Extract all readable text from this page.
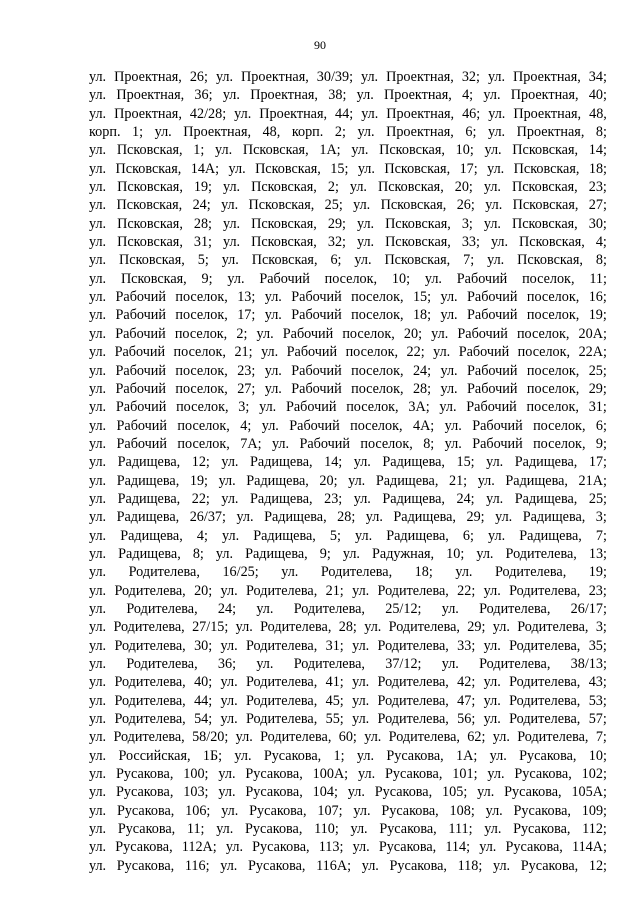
90
ул. Проектная, 26; ул. Проектная, 30/39; ул. Проектная, 32; ул. Проектная, 34;
ул. Проектная, 36; ул. Проектная, 38; ул. Проектная, 4; ул. Проектная, 40;
ул. Проектная, 42/28; ул. Проектная, 44; ул. Проектная, 46; ул. Проектная, 48,
корп. 1; ул. Проектная, 48, корп. 2; ул. Проектная, 6; ул. Проектная, 8;
ул. Псковская, 1; ул. Псковская, 1А; ул. Псковская, 10; ул. Псковская, 14;
ул. Псковская, 14А; ул. Псковская, 15; ул. Псковская, 17; ул. Псковская, 18;
ул. Псковская, 19; ул. Псковская, 2; ул. Псковская, 20; ул. Псковская, 23;
ул. Псковская, 24; ул. Псковская, 25; ул. Псковская, 26; ул. Псковская, 27;
ул. Псковская, 28; ул. Псковская, 29; ул. Псковская, 3; ул. Псковская, 30;
ул. Псковская, 31; ул. Псковская, 32; ул. Псковская, 33; ул. Псковская, 4;
ул. Псковская, 5; ул. Псковская, 6; ул. Псковская, 7; ул. Псковская, 8;
ул. Псковская, 9; ул. Рабочий поселок, 10; ул. Рабочий поселок, 11;
ул. Рабочий поселок, 13; ул. Рабочий поселок, 15; ул. Рабочий поселок, 16;
ул. Рабочий поселок, 17; ул. Рабочий поселок, 18; ул. Рабочий поселок, 19;
ул. Рабочий поселок, 2; ул. Рабочий поселок, 20; ул. Рабочий поселок, 20А;
ул. Рабочий поселок, 21; ул. Рабочий поселок, 22; ул. Рабочий поселок, 22А;
ул. Рабочий поселок, 23; ул. Рабочий поселок, 24; ул. Рабочий поселок, 25;
ул. Рабочий поселок, 27; ул. Рабочий поселок, 28; ул. Рабочий поселок, 29;
ул. Рабочий поселок, 3; ул. Рабочий поселок, 3А; ул. Рабочий поселок, 31;
ул. Рабочий поселок, 4; ул. Рабочий поселок, 4А; ул. Рабочий поселок, 6;
ул. Рабочий поселок, 7А; ул. Рабочий поселок, 8; ул. Рабочий поселок, 9;
ул. Радищева, 12; ул. Радищева, 14; ул. Радищева, 15; ул. Радищева, 17;
ул. Радищева, 19; ул. Радищева, 20; ул. Радищева, 21; ул. Радищева, 21А;
ул. Радищева, 22; ул. Радищева, 23; ул. Радищева, 24; ул. Радищева, 25;
ул. Радищева, 26/37; ул. Радищева, 28; ул. Радищева, 29; ул. Радищева, 3;
ул. Радищева, 4; ул. Радищева, 5; ул. Радищева, 6; ул. Радищева, 7;
ул. Радищева, 8; ул. Радищева, 9; ул. Радужная, 10; ул. Родителева, 13;
ул. Родителева, 16/25; ул. Родителева, 18; ул. Родителева, 19;
ул. Родителева, 20; ул. Родителева, 21; ул. Родителева, 22; ул. Родителева, 23;
ул. Родителева, 24; ул. Родителева, 25/12; ул. Родителева, 26/17;
ул. Родителева, 27/15; ул. Родителева, 28; ул. Родителева, 29; ул. Родителева, 3;
ул. Родителева, 30; ул. Родителева, 31; ул. Родителева, 33; ул. Родителева, 35;
ул. Родителева, 36; ул. Родителева, 37/12; ул. Родителева, 38/13;
ул. Родителева, 40; ул. Родителева, 41; ул. Родителева, 42; ул. Родителева, 43;
ул. Родителева, 44; ул. Родителева, 45; ул. Родителева, 47; ул. Родителева, 53;
ул. Родителева, 54; ул. Родителева, 55; ул. Родителева, 56; ул. Родителева, 57;
ул. Родителева, 58/20; ул. Родителева, 60; ул. Родителева, 62; ул. Родителева, 7;
ул. Российская, 1Б; ул. Русакова, 1; ул. Русакова, 1А; ул. Русакова, 10;
ул. Русакова, 100; ул. Русакова, 100А; ул. Русакова, 101; ул. Русакова, 102;
ул. Русакова, 103; ул. Русакова, 104; ул. Русакова, 105; ул. Русакова, 105А;
ул. Русакова, 106; ул. Русакова, 107; ул. Русакова, 108; ул. Русакова, 109;
ул. Русакова, 11; ул. Русакова, 110; ул. Русакова, 111; ул. Русакова, 112;
ул. Русакова, 112А; ул. Русакова, 113; ул. Русакова, 114; ул. Русакова, 114А;
ул. Русакова, 116; ул. Русакова, 116А; ул. Русакова, 118; ул. Русакова, 12;
